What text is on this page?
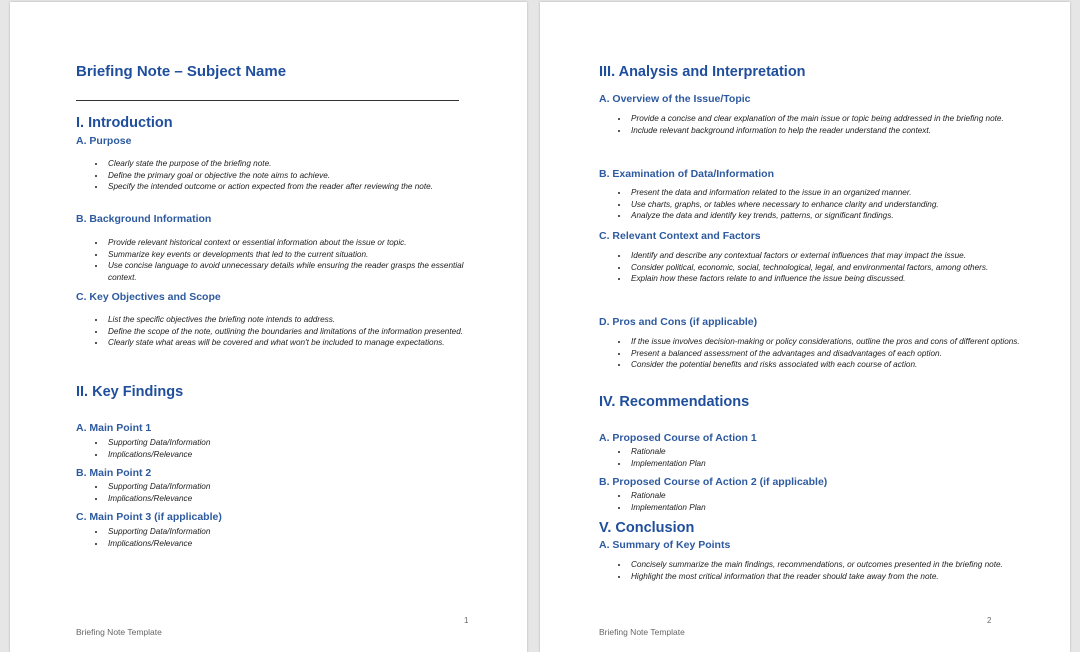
Briefing Note – Subject Name
I. Introduction
A. Purpose
• Clearly state the purpose of the briefing note.
• Define the primary goal or objective the note aims to achieve.
• Specify the intended outcome or action expected from the reader after reviewing the note.
B. Background Information
• Provide relevant historical context or essential information about the issue or topic.
• Summarize key events or developments that led to the current situation.
• Use concise language to avoid unnecessary details while ensuring the reader grasps the essential context.
C. Key Objectives and Scope
• List the specific objectives the briefing note intends to address.
• Define the scope of the note, outlining the boundaries and limitations of the information presented.
• Clearly state what areas will be covered and what won't be included to manage expectations.
II. Key Findings
A. Main Point 1
• Supporting Data/Information
• Implications/Relevance
B. Main Point 2
• Supporting Data/Information
• Implications/Relevance
C. Main Point 3 (if applicable)
• Supporting Data/Information
• Implications/Relevance
1
Briefing Note Template
III. Analysis and Interpretation
A. Overview of the Issue/Topic
• Provide a concise and clear explanation of the main issue or topic being addressed in the briefing note.
• Include relevant background information to help the reader understand the context.
B. Examination of Data/Information
• Present the data and information related to the issue in an organized manner.
• Use charts, graphs, or tables where necessary to enhance clarity and understanding.
• Analyze the data and identify key trends, patterns, or significant findings.
C. Relevant Context and Factors
• Identify and describe any contextual factors or external influences that may impact the issue.
• Consider political, economic, social, technological, legal, and environmental factors, among others.
• Explain how these factors relate to and influence the issue being discussed.
D. Pros and Cons (if applicable)
• If the issue involves decision-making or policy considerations, outline the pros and cons of different options.
• Present a balanced assessment of the advantages and disadvantages of each option.
• Consider the potential benefits and risks associated with each course of action.
IV. Recommendations
A. Proposed Course of Action 1
• Rationale
• Implementation Plan
B. Proposed Course of Action 2 (if applicable)
• Rationale
• Implementation Plan
V. Conclusion
A. Summary of Key Points
• Concisely summarize the main findings, recommendations, or outcomes presented in the briefing note.
• Highlight the most critical information that the reader should take away from the note.
2
Briefing Note Template
